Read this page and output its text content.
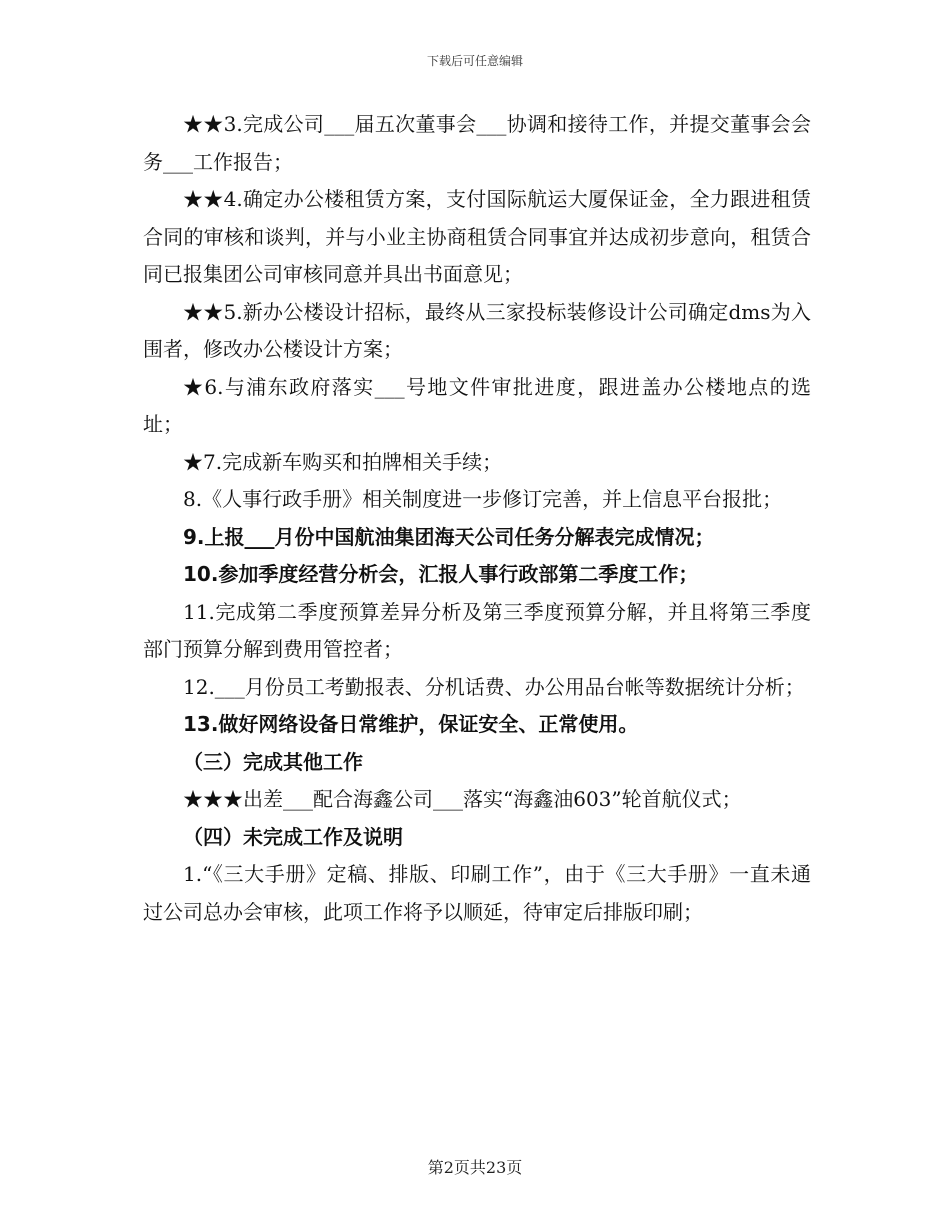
下载后可任意编辑

★★3.完成公司___届五次董事会___协调和接待工作，并提交董事会会务___工作报告；

★★4.确定办公楼租赁方案，支付国际航运大厦保证金，全力跟进租赁合同的审核和谈判，并与小业主协商租赁合同事宜并达成初步意向，租赁合同已报集团公司审核同意并具出书面意见；

★★5.新办公楼设计招标，最终从三家投标装修设计公司确定dms为入围者，修改办公楼设计方案；

★6.与浦东政府落实___号地文件审批进度，跟进盖办公楼地点的选址；

★7.完成新车购买和拍牌相关手续；

8.《人事行政手册》相关制度进一步修订完善，并上信息平台报批；

9.上报___月份中国航油集团海天公司任务分解表完成情况；

10.参加季度经营分析会，汇报人事行政部第二季度工作；

11.完成第二季度预算差异分析及第三季度预算分解，并且将第三季度部门预算分解到费用管控者；

12.___月份员工考勤报表、分机话费、办公用品台帐等数据统计分析；

13.做好网络设备日常维护，保证安全、正常使用。

（三）完成其他工作

★★★出差___配合海鑫公司___落实“海鑫油603”轮首航仪式；

（四）未完成工作及说明

1.“《三大手册》定稿、排版、印刷工作”，由于《三大手册》一直未通过公司总办会审核，此项工作将予以顺延，待审定后排版印刷；

第2页共23页
